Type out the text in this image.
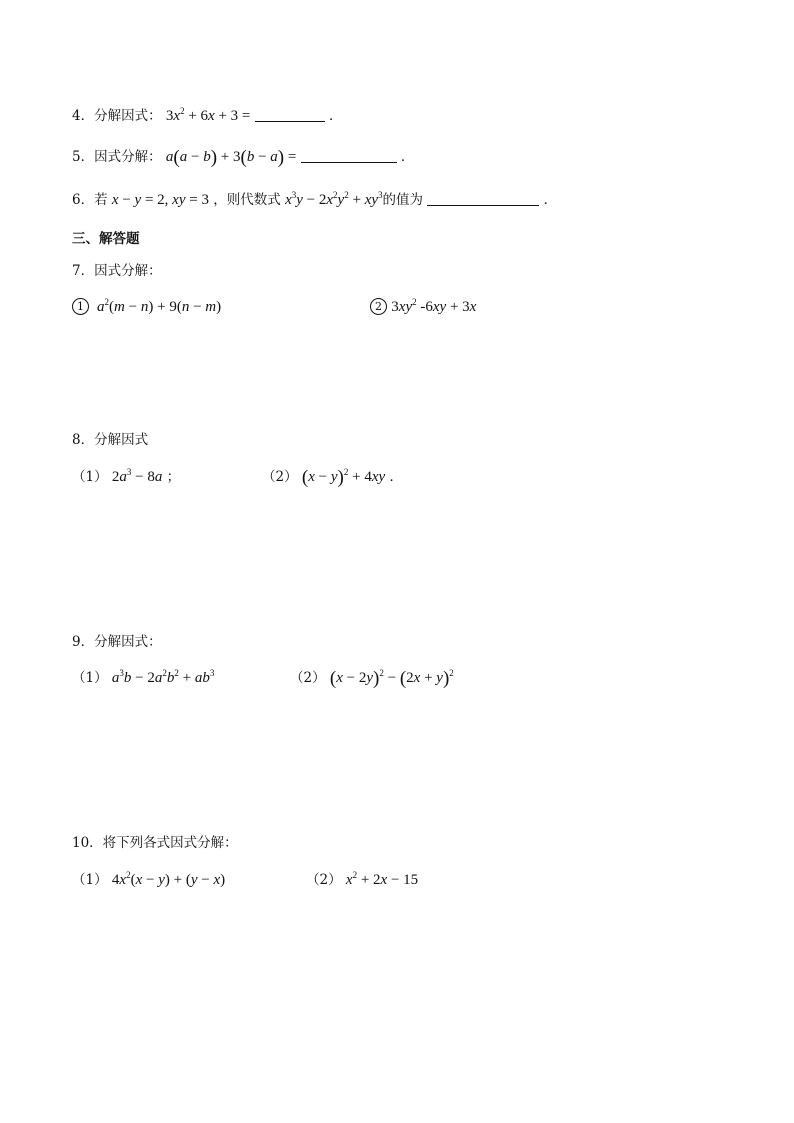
4．分解因式： $3x^2 + 6x + 3$ =	．
5．因式分解： a(a − b) + 3(b − a) =	．
6．若 x − y = 2, xy = 3 ，则代数式 $x^3y - 2x^2y^2 + xy^3$的值为	．
三、解答题
7．因式分解：
1 $a^2(m - n) + 9(n - m)$	2 $3xy^2$ -6xy + 3x
8．分解因式
（1） $2a^3 - 8a$ ；	（2） $(x - y)^2 + 4xy$ ．
9．分解因式：
（1） $a^3b - 2a^2b^2 + ab^3$	（2） $(x - 2y)^2 - (2x + y)^2$
10．将下列各式因式分解：
（1） $4x^2(x - y) + (y - x)$	（2） $x^2 + 2x - 15$
